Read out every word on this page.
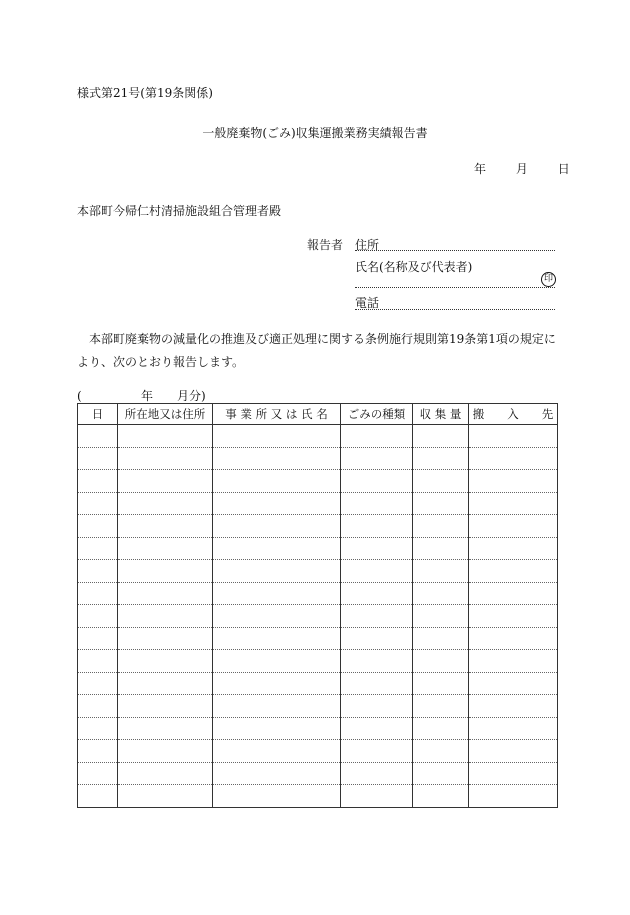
様式第21号(第19条関係)
一般廃棄物(ごみ)収集運搬業務実績報告書
年 月 日
本部町今帰仁村清掃施設組合管理者殿
報告者 住所
氏名(名称及び代表者)
印
電話
本部町廃棄物の減量化の推進及び適正処理に関する条例施行規則第19条第1項の規定により、次のとおり報告します。
(	年 月分)
日	所在地又は住所	事 業 所 又 は 氏 名	ごみの種類	収 集 量	搬　　入　　先
